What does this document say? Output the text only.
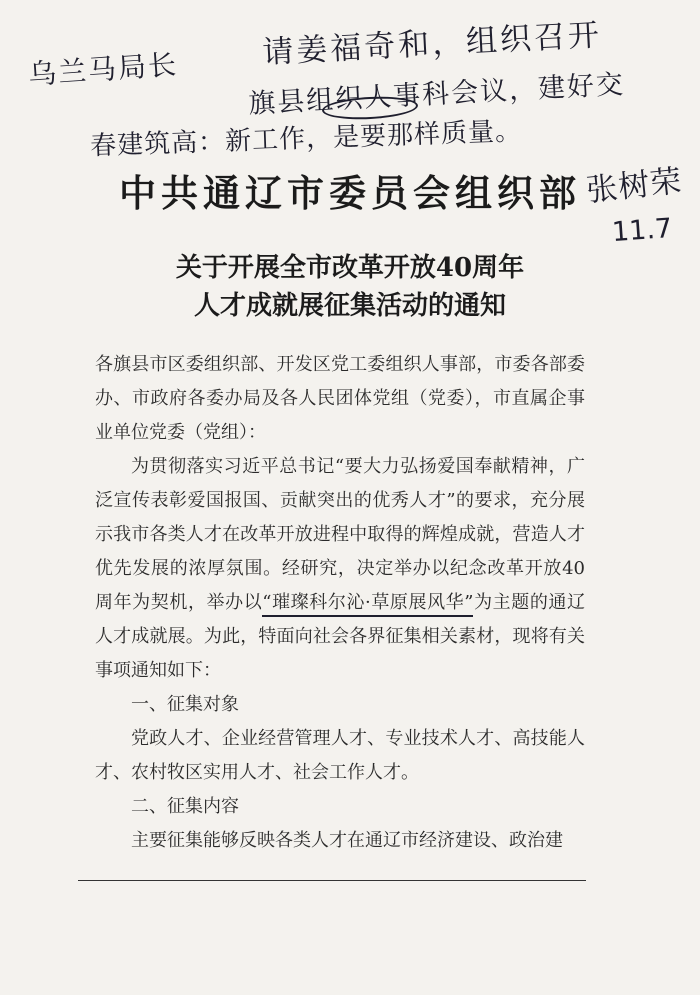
乌兰马局长	请姜福奇和，组织召开
旗县组织人事科会议，建好交
春建筑高：新工作，是要那样质量。
张树荣
11.7
中共通辽市委员会组织部
关于开展全市改革开放40周年
人才成就展征集活动的通知

各旗县市区委组织部、开发区党工委组织人事部，市委各部委办、市政府各委办局及各人民团体党组（党委），市直属企事业单位党委（党组）：

为贯彻落实习近平总书记“要大力弘扬爱国奉献精神，广泛宣传表彰爱国报国、贡献突出的优秀人才”的要求，充分展示我市各类人才在改革开放进程中取得的辉煌成就，营造人才优先发展的浓厚氛围。经研究，决定举办以纪念改革开放40周年为契机，举办以“璀璨科尔沁·草原展风华”为主题的通辽人才成就展。为此，特面向社会各界征集相关素材，现将有关事项通知如下：

一、征集对象

党政人才、企业经营管理人才、专业技术人才、高技能人才、农村牧区实用人才、社会工作人才。

二、征集内容

主要征集能够反映各类人才在通辽市经济建设、政治建
